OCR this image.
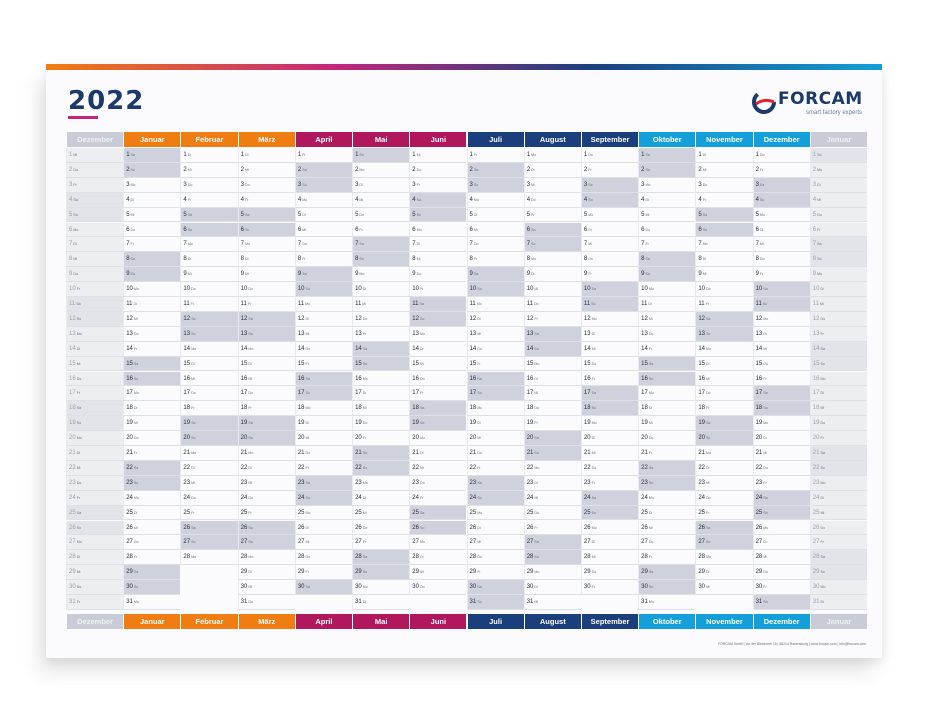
2022	FORCAM
smart factory experts
Dezember
Dezember
1Mi
2Do
3Fr
4Sa
5So
6Mo
7Di
8Mi
9Do
10Fr
11Sa
12So
13Mo
14Di
15Mi
16Do
17Fr
18Sa
19So
20Mo
21Di
22Mi
23Do
24Fr
25Sa
26So
27Mo
28Di
29Mi
30Do
31Fr
Januar
Januar
1Sa
2So
3Mo
4Di
5Mi
6Do
7Fr
8Sa
9So
10Mo
11Di
12Mi
13Do
14Fr
15Sa
16So
17Mo
18Di
19Mi
20Do
21Fr
22Sa
23So
24Mo
25Di
26Mi
27Do
28Fr
29Sa
30So
31Mo
Februar
Februar
1Di
2Mi
3Do
4Fr
5Sa
6So
7Mo
8Di
9Mi
10Do
11Fr
12Sa
13So
14Mo
15Di
16Mi
17Do
18Fr
19Sa
20So
21Mo
22Di
23Mi
24Do
25Fr
26Sa
27So
28Mo
März
März
1Di
2Mi
3Do
4Fr
5Sa
6So
7Mo
8Di
9Mi
10Do
11Fr
12Sa
13So
14Mo
15Di
16Mi
17Do
18Fr
19Sa
20So
21Mo
22Di
23Mi
24Do
25Fr
26Sa
27So
28Mo
29Di
30Mi
31Do
April
April
1Fr
2Sa
3So
4Mo
5Di
6Mi
7Do
8Fr
9Sa
10So
11Mo
12Di
13Mi
14Do
15Fr
16Sa
17So
18Mo
19Di
20Mi
21Do
22Fr
23Sa
24So
25Mo
26Di
27Mi
28Do
29Fr
30Sa
Mai
Mai
1So
2Mo
3Di
4Mi
5Do
6Fr
7Sa
8So
9Mo
10Di
11Mi
12Do
13Fr
14Sa
15So
16Mo
17Di
18Mi
19Do
20Fr
21Sa
22So
23Mo
24Di
25Mi
26Do
27Fr
28Sa
29So
30Mo
31Di
Juni
Juni
1Mi
2Do
3Fr
4Sa
5So
6Mo
7Di
8Mi
9Do
10Fr
11Sa
12So
13Mo
14Di
15Mi
16Do
17Fr
18Sa
19So
20Mo
21Di
22Mi
23Do
24Fr
25Sa
26So
27Mo
28Di
29Mi
30Do
Juli
Juli
1Fr
2Sa
3So
4Mo
5Di
6Mi
7Do
8Fr
9Sa
10So
11Mo
12Di
13Mi
14Do
15Fr
16Sa
17So
18Mo
19Di
20Mi
21Do
22Fr
23Sa
24So
25Mo
26Di
27Mi
28Do
29Fr
30Sa
31So
August
August
1Mo
2Di
3Mi
4Do
5Fr
6Sa
7So
8Mo
9Di
10Mi
11Do
12Fr
13Sa
14So
15Mo
16Di
17Mi
18Do
19Fr
20Sa
21So
22Mo
23Di
24Mi
25Do
26Fr
27Sa
28So
29Mo
30Di
31Mi
September
September
1Do
2Fr
3Sa
4So
5Mo
6Di
7Mi
8Do
9Fr
10Sa
11So
12Mo
13Di
14Mi
15Do
16Fr
17Sa
18So
19Mo
20Di
21Mi
22Do
23Fr
24Sa
25So
26Mo
27Di
28Mi
29Do
30Fr
Oktober
Oktober
1Sa
2So
3Mo
4Di
5Mi
6Do
7Fr
8Sa
9So
10Mo
11Di
12Mi
13Do
14Fr
15Sa
16So
17Mo
18Di
19Mi
20Do
21Fr
22Sa
23So
24Mo
25Di
26Mi
27Do
28Fr
29Sa
30So
31Mo
November
November
1Di
2Mi
3Do
4Fr
5Sa
6So
7Mo
8Di
9Mi
10Do
11Fr
12Sa
13So
14Mo
15Di
16Mi
17Do
18Fr
19Sa
20So
21Mo
22Di
23Mi
24Do
25Fr
26Sa
27So
28Mo
29Di
30Mi
Dezember
Dezember
1Do
2Fr
3Sa
4So
5Mo
6Di
7Mi
8Do
9Fr
10Sa
11So
12Mo
13Di
14Mi
15Do
16Fr
17Sa
18So
19Mo
20Di
21Mi
22Do
23Fr
24Sa
25So
26Mo
27Di
28Mi
29Do
30Fr
31Sa
Januar
Januar
1So
2Mo
3Di
4Mi
5Do
6Fr
7Sa
8So
9Mo
10Di
11Mi
12Do
13Fr
14Sa
15So
16Mo
17Di
18Mi
19Do
20Fr
21Sa
22So
23Mo
24Di
25Mi
26Do
27Fr
28Sa
29So
30Mo
31Di
FORCAM GmbH | An der Bleicherei 15 | 88214 Ravensburg | www.forcam.com | info@forcam.com
